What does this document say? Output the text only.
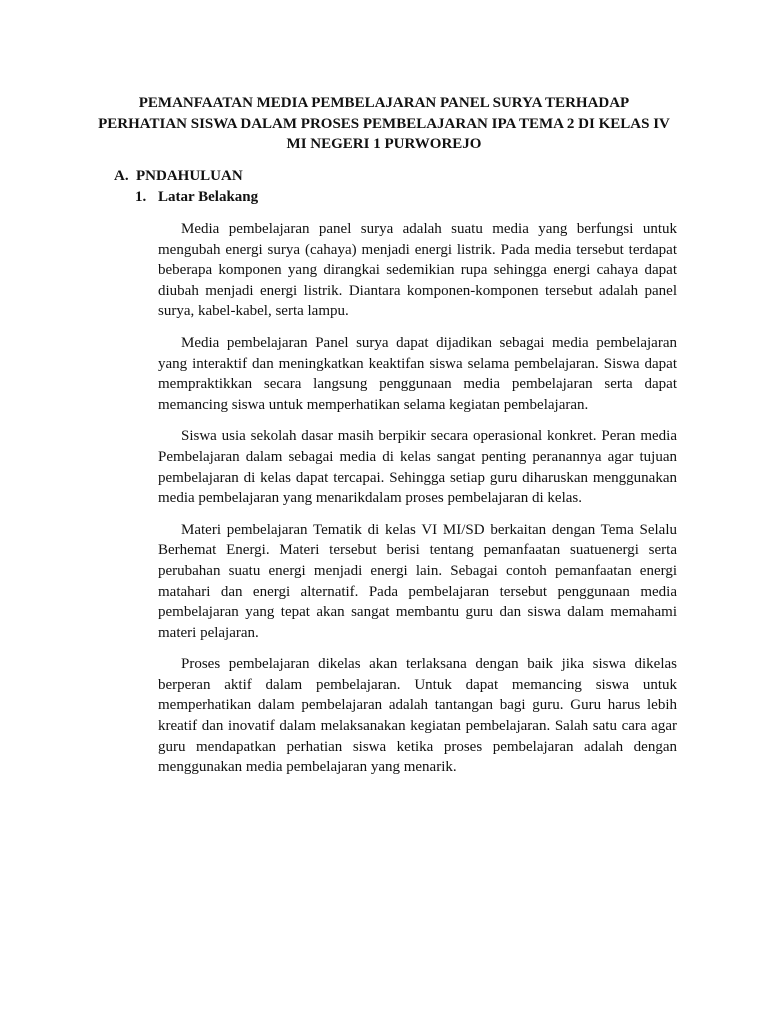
PEMANFAATAN MEDIA PEMBELAJARAN PANEL SURYA TERHADAP
PERHATIAN SISWA DALAM PROSES PEMBELAJARAN IPA TEMA 2 DI KELAS IV
MI NEGERI 1 PURWOREJO
A. PNDAHULUAN
1. Latar Belakang

Media pembelajaran panel surya adalah suatu media yang berfungsi untuk mengubah energi surya (cahaya) menjadi energi listrik. Pada media tersebut terdapat beberapa komponen yang dirangkai sedemikian rupa sehingga energi cahaya dapat diubah menjadi energi listrik. Diantara komponen-komponen tersebut adalah panel surya, kabel-kabel, serta lampu.

Media pembelajaran Panel surya dapat dijadikan sebagai media pembelajaran yang interaktif dan meningkatkan keaktifan siswa selama pembelajaran. Siswa dapat mempraktikkan secara langsung penggunaan media pembelajaran serta dapat memancing siswa untuk memperhatikan selama kegiatan pembelajaran.

Siswa usia sekolah dasar masih berpikir secara operasional konkret. Peran media Pembelajaran dalam sebagai media di kelas sangat penting peranannya agar tujuan pembelajaran di kelas dapat tercapai. Sehingga setiap guru diharuskan menggunakan media pembelajaran yang menarikdalam proses pembelajaran di kelas.

Materi pembelajaran Tematik di kelas VI MI/SD berkaitan dengan Tema Selalu Berhemat Energi. Materi tersebut berisi tentang pemanfaatan suatuenergi serta perubahan suatu energi menjadi energi lain. Sebagai contoh pemanfaatan energi matahari dan energi alternatif. Pada pembelajaran tersebut penggunaan media pembelajaran yang tepat akan sangat membantu guru dan siswa dalam memahami materi pelajaran.

Proses pembelajaran dikelas akan terlaksana dengan baik jika siswa dikelas berperan aktif dalam pembelajaran. Untuk dapat memancing siswa untuk memperhatikan dalam pembelajaran adalah tantangan bagi guru. Guru harus lebih kreatif dan inovatif dalam melaksanakan kegiatan pembelajaran. Salah satu cara agar guru mendapatkan perhatian siswa ketika proses pembelajaran adalah dengan menggunakan media pembelajaran yang menarik.
